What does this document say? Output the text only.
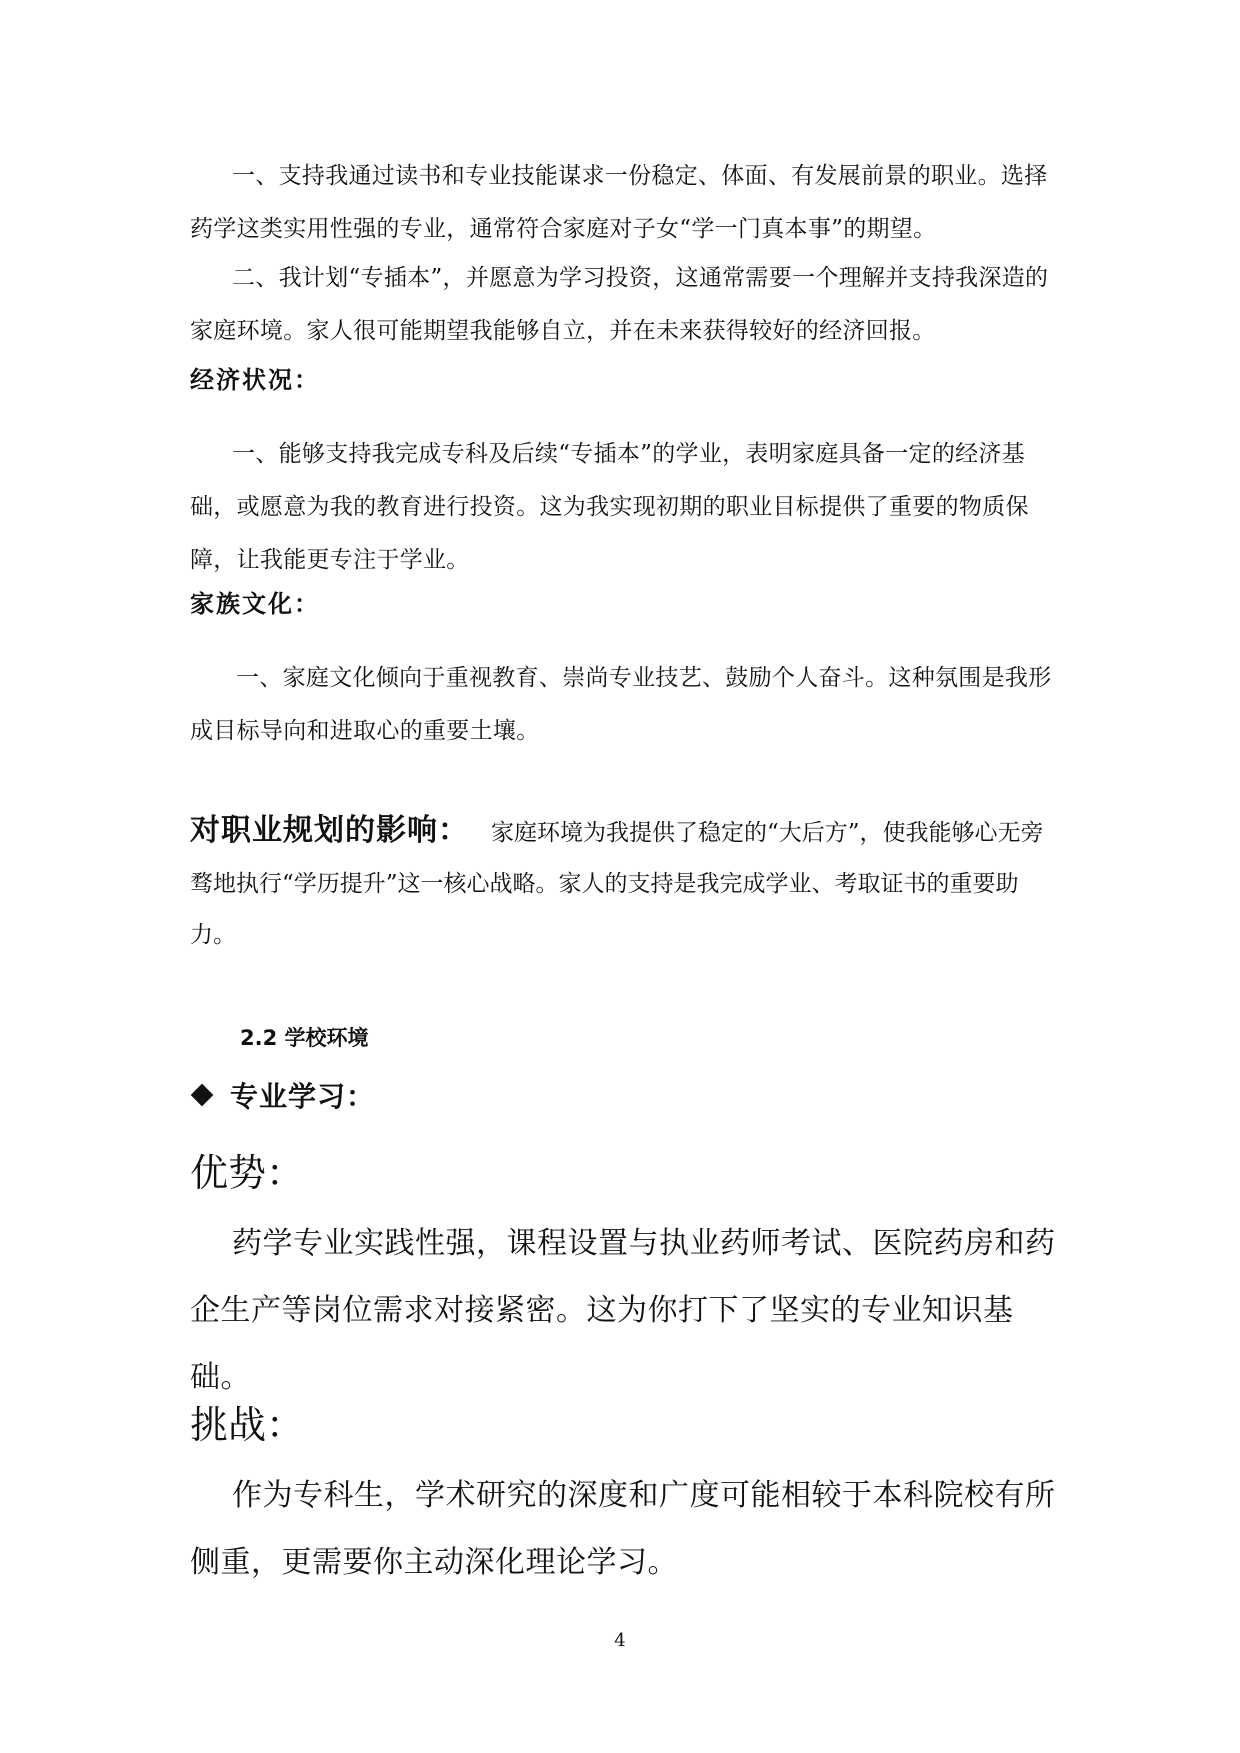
一、支持我通过读书和专业技能谋求一份稳定、体面、有发展前景的职业。选择药学这类实用性强的专业，通常符合家庭对子女“学一门真本事”的期望。

二、我计划“专插本”，并愿意为学习投资，这通常需要一个理解并支持我深造的家庭环境。家人很可能期望我能够自立，并在未来获得较好的经济回报。

经济状况：

一、能够支持我完成专科及后续“专插本”的学业，表明家庭具备一定的经济基础，或愿意为我的教育进行投资。这为我实现初期的职业目标提供了重要的物质保障，让我能更专注于学业。

家族文化：

一、家庭文化倾向于重视教育、崇尚专业技艺、鼓励个人奋斗。这种氛围是我形成目标导向和进取心的重要土壤。

对职业规划的影响： 家庭环境为我提供了稳定的“大后方”，使我能够心无旁骛地执行“学历提升”这一核心战略。家人的支持是我完成学业、考取证书的重要助力。

2.2 学校环境
专业学习：
优势：

药学专业实践性强，课程设置与执业药师考试、医院药房和药企生产等岗位需求对接紧密。这为你打下了坚实的专业知识基础。

挑战：

作为专科生，学术研究的深度和广度可能相较于本科院校有所侧重，更需要你主动深化理论学习。

4
